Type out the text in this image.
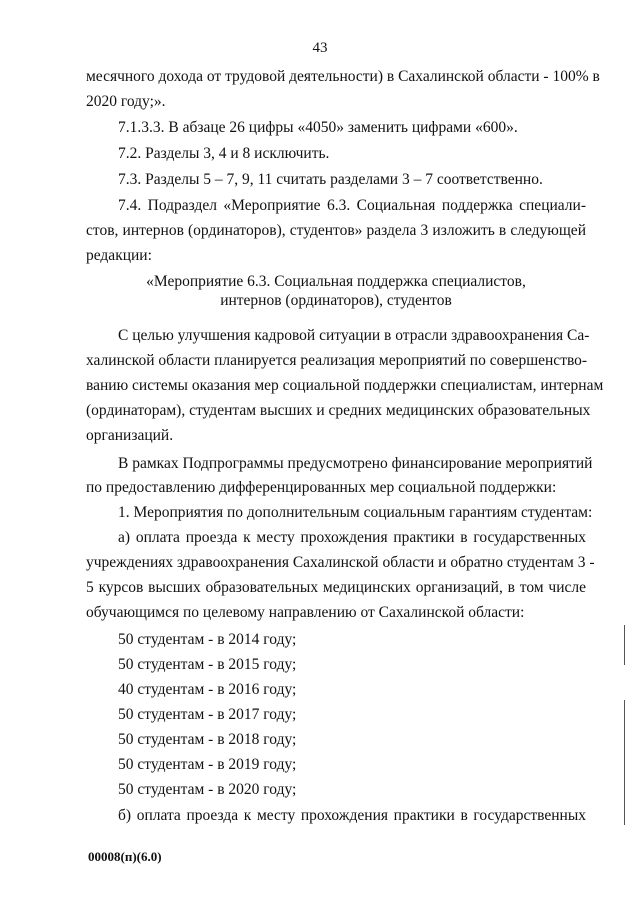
43
месячного дохода от трудовой деятельности) в Сахалинской области - 100% в
2020 году;».
7.1.3.3. В абзаце 26 цифры «4050» заменить цифрами «600».
7.2. Разделы 3, 4 и 8 исключить.
7.3. Разделы 5 – 7, 9, 11 считать разделами 3 – 7 соответственно.
7.4. Подраздел «Мероприятие 6.3. Социальная поддержка специали-
стов, интернов (ординаторов), студентов» раздела 3 изложить в следующей
редакции:
«Мероприятие 6.3. Социальная поддержка специалистов,
интернов (ординаторов), студентов
С целью улучшения кадровой ситуации в отрасли здравоохранения Са-
халинской области планируется реализация мероприятий по совершенство-
ванию системы оказания мер социальной поддержки специалистам, интернам
(ординаторам), студентам высших и средних медицинских образовательных
организаций.
В рамках Подпрограммы предусмотрено финансирование мероприятий
по предоставлению дифференцированных мер социальной поддержки:
1. Мероприятия по дополнительным социальным гарантиям студентам:
а) оплата проезда к месту прохождения практики в государственных
учреждениях здравоохранения Сахалинской области и обратно студентам 3 -
5 курсов высших образовательных медицинских организаций, в том числе
обучающимся по целевому направлению от Сахалинской области:
50 студентам - в 2014 году;
50 студентам - в 2015 году;
40 студентам - в 2016 году;
50 студентам - в 2017 году;
50 студентам - в 2018 году;
50 студентам - в 2019 году;
50 студентам - в 2020 году;
б) оплата проезда к месту прохождения практики в государственных
00008(п)(6.0)
